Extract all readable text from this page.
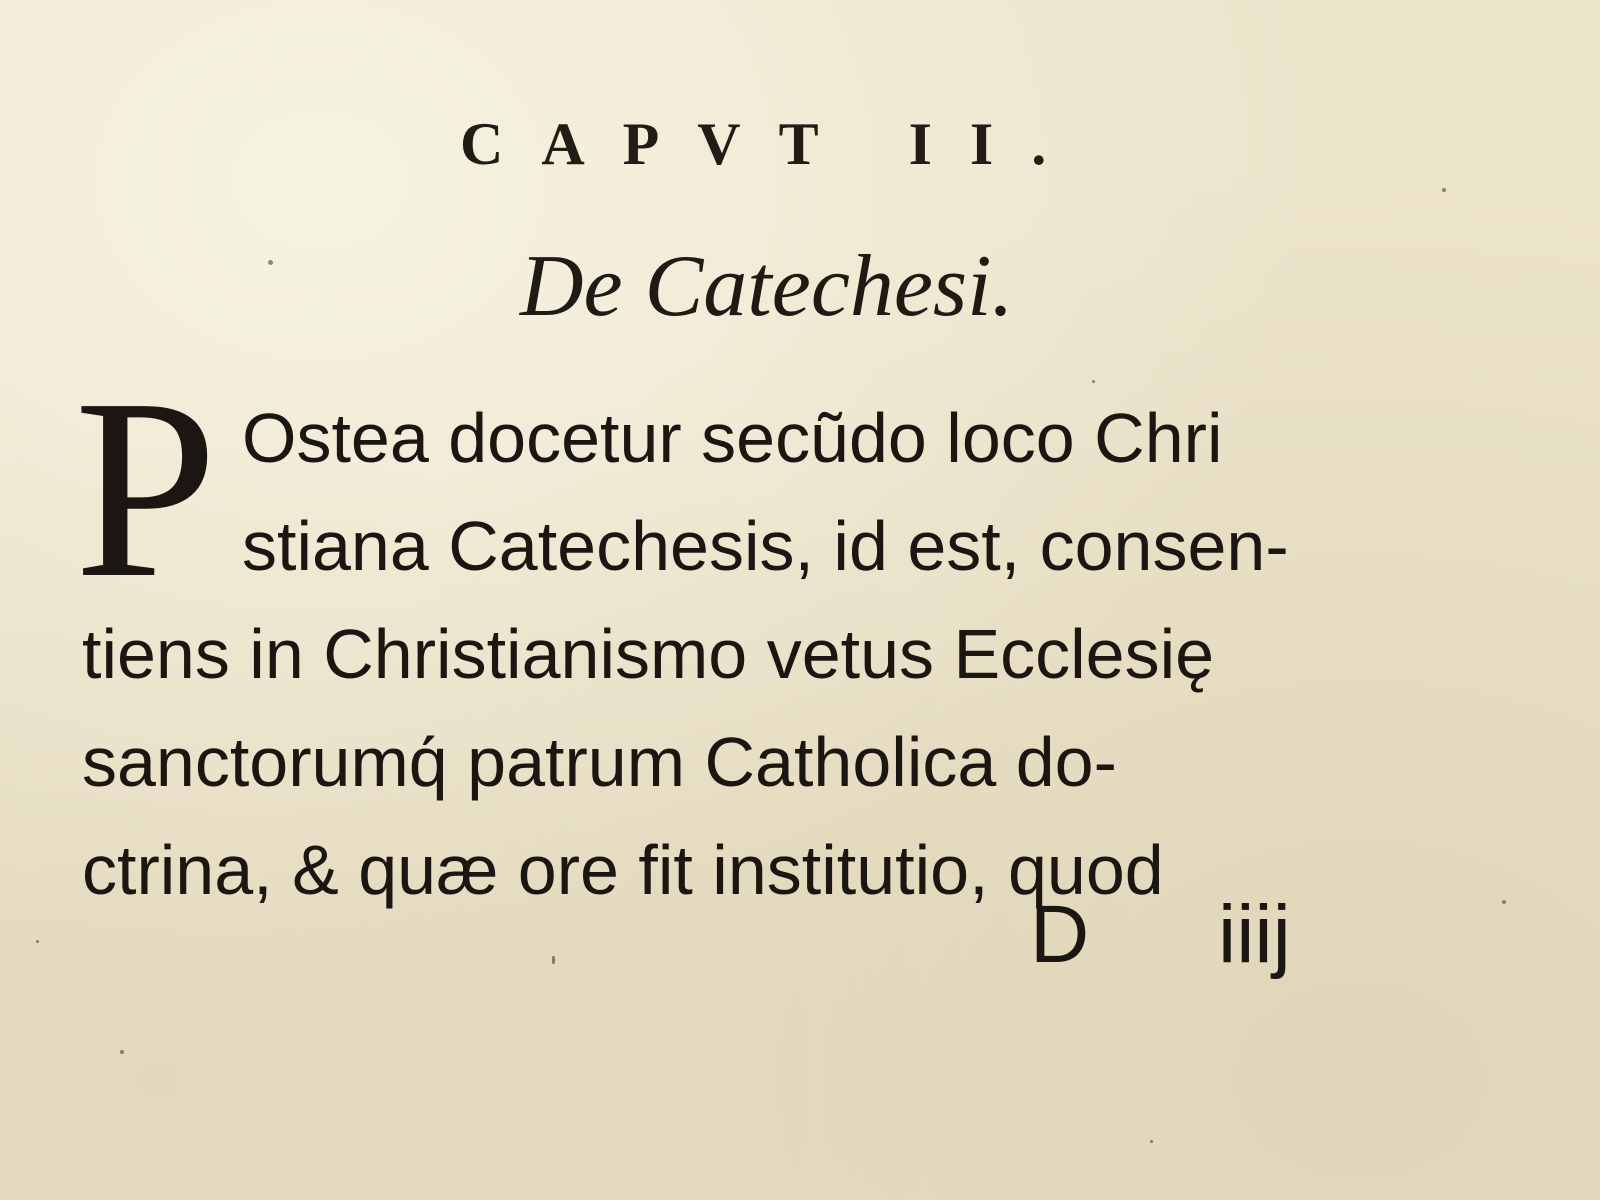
CAPVT II.
De Catechesi.
P Ostea docetur secũdo loco Chri
stiana Catechesis, id est, consen-
tiens in Christianismo vetus Ecclesię
sanctorumq́ patrum Catholica do-
ctrina, & quæ ore fit institutio, quod
D iiij
